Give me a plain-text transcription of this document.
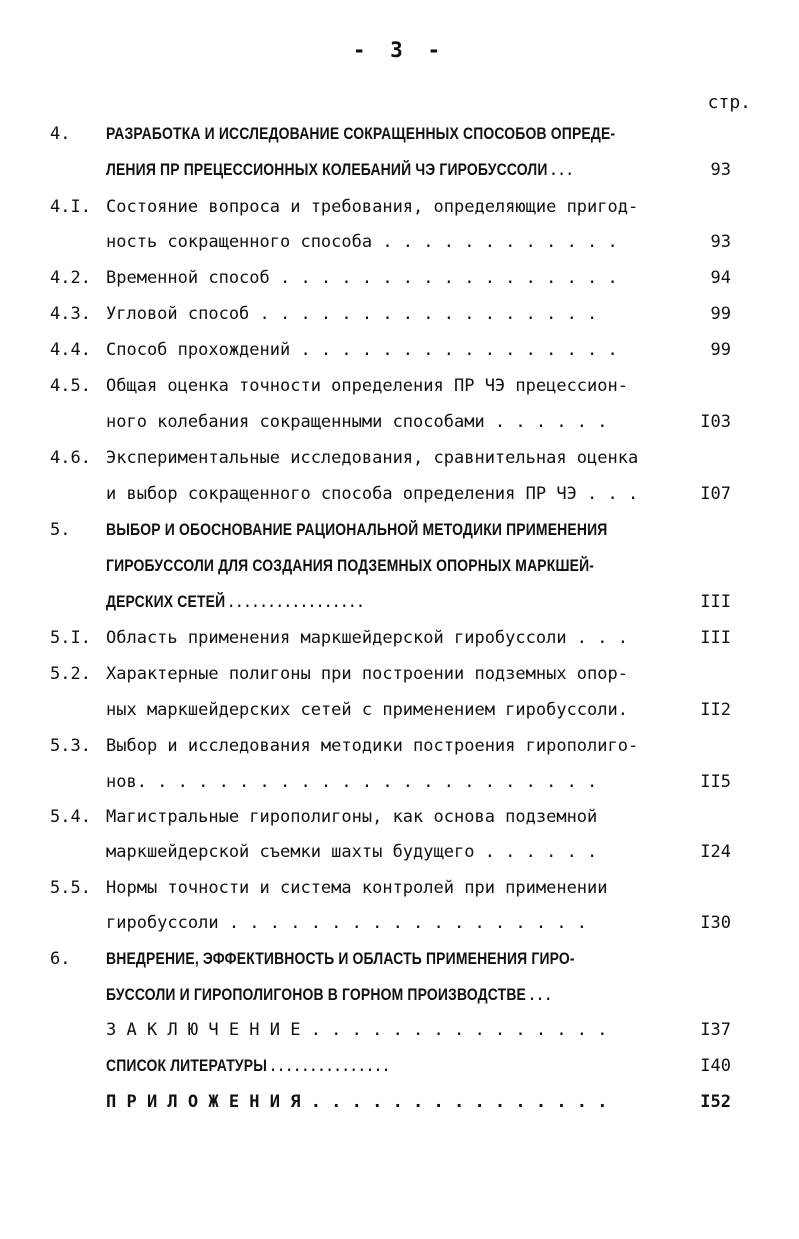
- 3 -
стр.
4. РАЗРАБОТКА И ИССЛЕДОВАНИЕ СОКРАЩЕННЫХ СПОСОБОВ ОПРЕДЕ-
ЛЕНИЯ ПР ПРЕЦЕССИОННЫХ КОЛЕБАНИЙ ЧЭ ГИРОБУССОЛИ . . .	93
4.I. Состояние вопроса и требования, определяющие пригод-
ность сокращенного способа . . . . . . . . . . . .	93
4.2. Временной способ . . . . . . . . . . . . . . . . .	94
4.3. Угловой способ . . . . . . . . . . . . . . . . .	99
4.4. Способ прохождений . . . . . . . . . . . . . . . .	99
4.5. Общая оценка точности определения ПР ЧЭ прецессион-
ного колебания сокращенными способами . . . . . .	I03
4.6. Экспериментальные исследования, сравнительная оценка
и выбор сокращенного способа определения ПР ЧЭ . . .	I07
5. ВЫБОР И ОБОСНОВАНИЕ РАЦИОНАЛЬНОЙ МЕТОДИКИ ПРИМЕНЕНИЯ
ГИРОБУССОЛИ ДЛЯ СОЗДАНИЯ ПОДЗЕМНЫХ ОПОРНЫХ МАРКШЕЙ-
ДЕРСКИХ СЕТЕЙ . . . . . . . . . . . . . . . . .	III
5.I. Область применения маркшейдерской гиробуссоли . . .	III
5.2. Характерные полигоны при построении подземных опор-
ных маркшейдерских сетей с применением гиробуссоли.	II2
5.3. Выбор и исследования методики построения гирополиго-
нов. . . . . . . . . . . . . . . . . . . . . . .	II5
5.4. Магистральные гирополигоны, как основа подземной
маркшейдерской съемки шахты будущего . . . . . .	I24
5.5. Нормы точности и система контролей при применении
гиробуссоли . . . . . . . . . . . . . . . . . .	I30
6. ВНЕДРЕНИЕ, ЭФФЕКТИВНОСТЬ И ОБЛАСТЬ ПРИМЕНЕНИЯ ГИРО-
БУССОЛИ И ГИРОПОЛИГОНОВ В ГОРНОМ ПРОИЗВОДСТВЕ . . .
З А К Л Ю Ч Е Н И Е . . . . . . . . . . . . . . .	I37
СПИСОК ЛИТЕРАТУРЫ . . . . . . . . . . . . . . .	I40
П Р И Л О Ж Е Н И Я . . . . . . . . . . . . . . .	I52
